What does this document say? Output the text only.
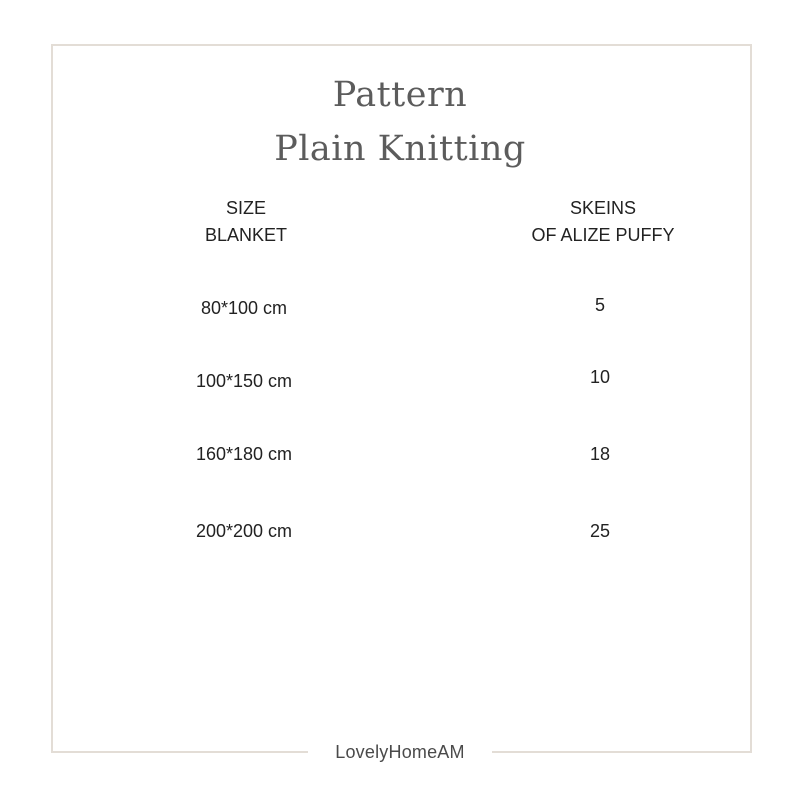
Pattern
Plain Knitting
SIZE
BLANKET
SKEINS
OF ALIZE PUFFY
80*100 cm	5
100*150 cm	10
160*180 cm	18
200*200 cm	25
LovelyHomeAM
